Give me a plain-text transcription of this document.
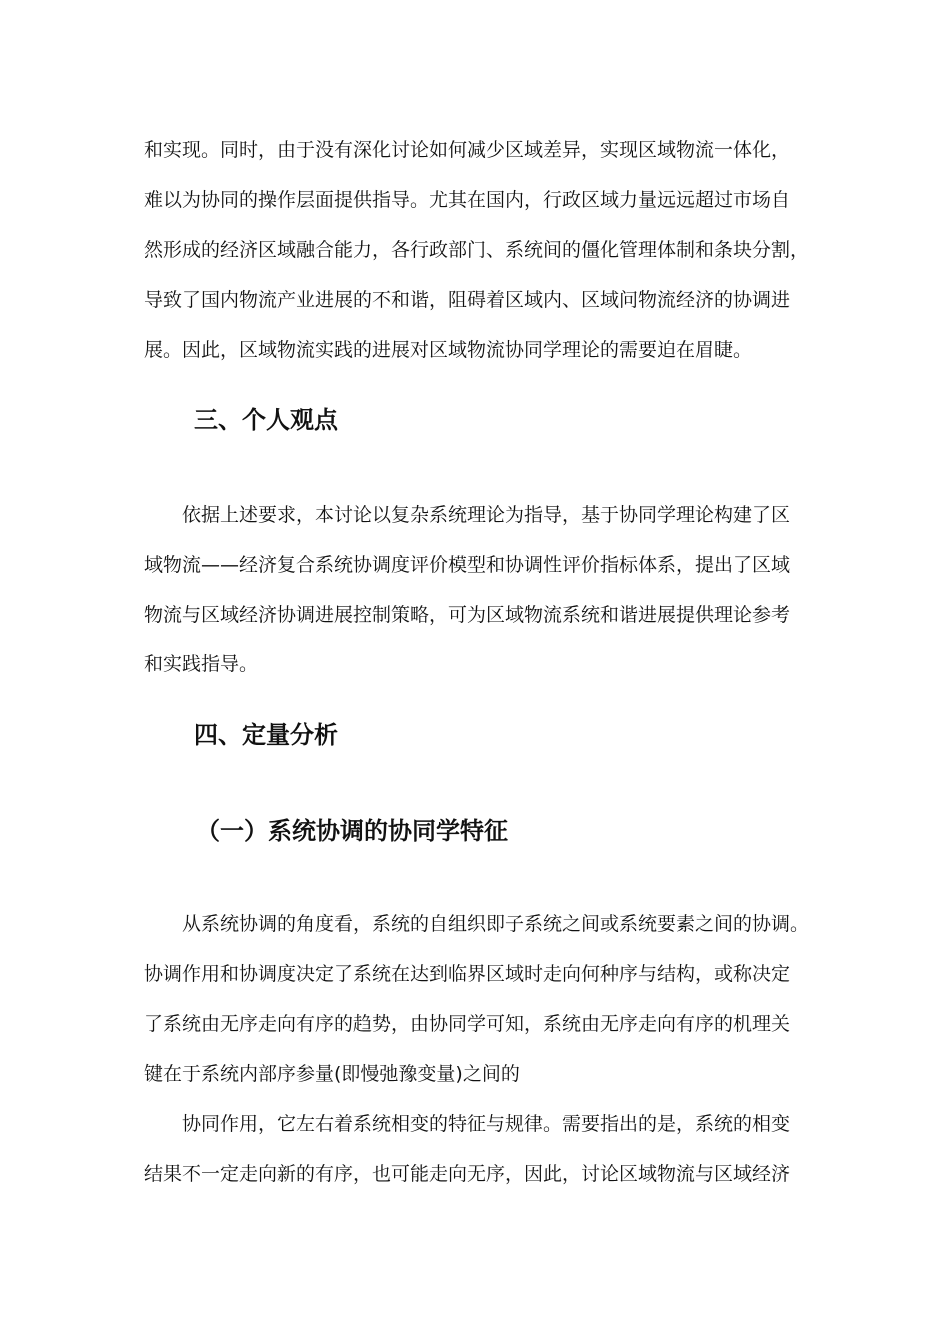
和实现。同时，由于没有深化讨论如何减少区域差异，实现区域物流一体化，
难以为协同的操作层面提供指导。尤其在国内，行政区域力量远远超过市场自
然形成的经济区域融合能力，各行政部门、系统间的僵化管理体制和条块分割，
导致了国内物流产业进展的不和谐，阻碍着区域内、区域问物流经济的协调进
展。因此，区域物流实践的进展对区域物流协同学理论的需要迫在眉睫。
三、个人观点
依据上述要求，本讨论以复杂系统理论为指导，基于协同学理论构建了区
域物流——经济复合系统协调度评价模型和协调性评价指标体系，提出了区域
物流与区域经济协调进展控制策略，可为区域物流系统和谐进展提供理论参考
和实践指导。
四、定量分析
（一）系统协调的协同学特征
从系统协调的角度看，系统的自组织即子系统之间或系统要素之间的协调。
协调作用和协调度决定了系统在达到临界区域时走向何种序与结构，或称决定
了系统由无序走向有序的趋势，由协同学可知，系统由无序走向有序的机理关
键在于系统内部序参量(即慢弛豫变量)之间的
协同作用，它左右着系统相变的特征与规律。需要指出的是，系统的相变
结果不一定走向新的有序，也可能走向无序，因此，讨论区域物流与区域经济
